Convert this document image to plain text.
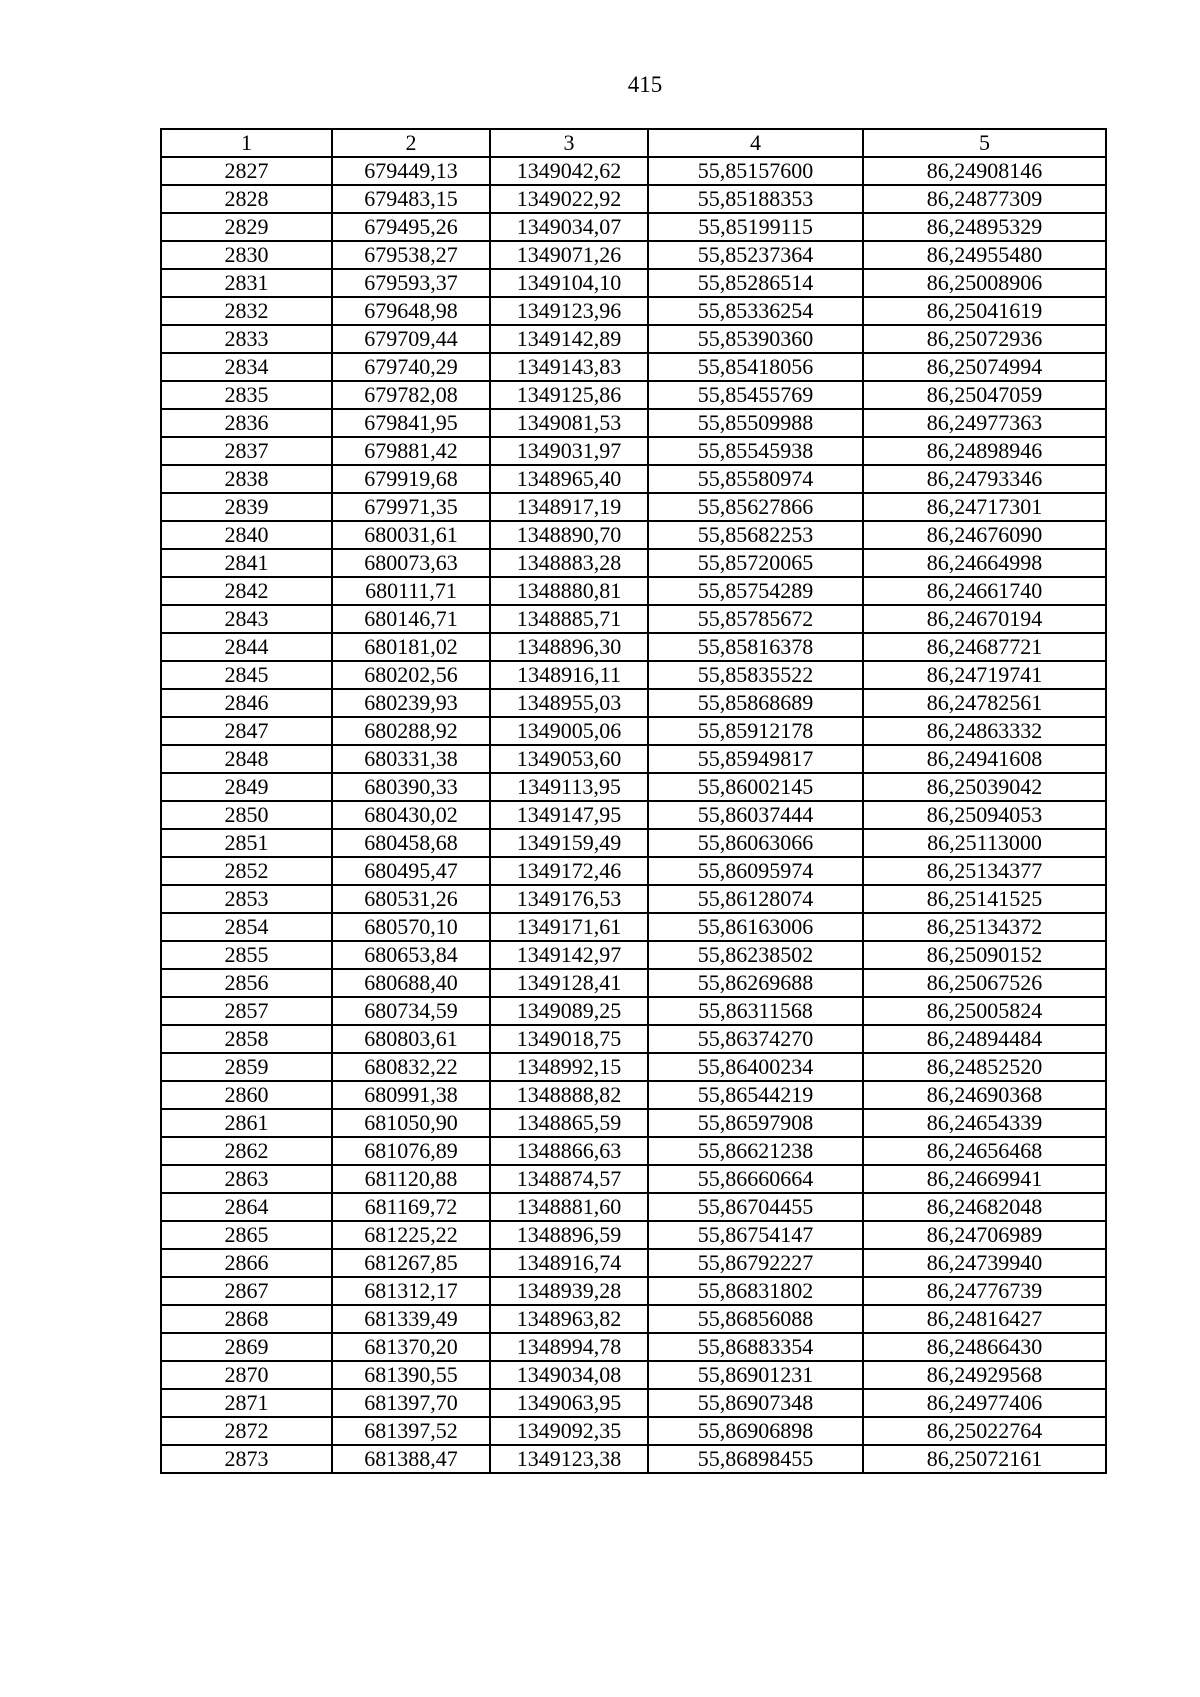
415
1	2	3	4	5
2827	679449,13	1349042,62	55,85157600	86,24908146
2828	679483,15	1349022,92	55,85188353	86,24877309
2829	679495,26	1349034,07	55,85199115	86,24895329
2830	679538,27	1349071,26	55,85237364	86,24955480
2831	679593,37	1349104,10	55,85286514	86,25008906
2832	679648,98	1349123,96	55,85336254	86,25041619
2833	679709,44	1349142,89	55,85390360	86,25072936
2834	679740,29	1349143,83	55,85418056	86,25074994
2835	679782,08	1349125,86	55,85455769	86,25047059
2836	679841,95	1349081,53	55,85509988	86,24977363
2837	679881,42	1349031,97	55,85545938	86,24898946
2838	679919,68	1348965,40	55,85580974	86,24793346
2839	679971,35	1348917,19	55,85627866	86,24717301
2840	680031,61	1348890,70	55,85682253	86,24676090
2841	680073,63	1348883,28	55,85720065	86,24664998
2842	680111,71	1348880,81	55,85754289	86,24661740
2843	680146,71	1348885,71	55,85785672	86,24670194
2844	680181,02	1348896,30	55,85816378	86,24687721
2845	680202,56	1348916,11	55,85835522	86,24719741
2846	680239,93	1348955,03	55,85868689	86,24782561
2847	680288,92	1349005,06	55,85912178	86,24863332
2848	680331,38	1349053,60	55,85949817	86,24941608
2849	680390,33	1349113,95	55,86002145	86,25039042
2850	680430,02	1349147,95	55,86037444	86,25094053
2851	680458,68	1349159,49	55,86063066	86,25113000
2852	680495,47	1349172,46	55,86095974	86,25134377
2853	680531,26	1349176,53	55,86128074	86,25141525
2854	680570,10	1349171,61	55,86163006	86,25134372
2855	680653,84	1349142,97	55,86238502	86,25090152
2856	680688,40	1349128,41	55,86269688	86,25067526
2857	680734,59	1349089,25	55,86311568	86,25005824
2858	680803,61	1349018,75	55,86374270	86,24894484
2859	680832,22	1348992,15	55,86400234	86,24852520
2860	680991,38	1348888,82	55,86544219	86,24690368
2861	681050,90	1348865,59	55,86597908	86,24654339
2862	681076,89	1348866,63	55,86621238	86,24656468
2863	681120,88	1348874,57	55,86660664	86,24669941
2864	681169,72	1348881,60	55,86704455	86,24682048
2865	681225,22	1348896,59	55,86754147	86,24706989
2866	681267,85	1348916,74	55,86792227	86,24739940
2867	681312,17	1348939,28	55,86831802	86,24776739
2868	681339,49	1348963,82	55,86856088	86,24816427
2869	681370,20	1348994,78	55,86883354	86,24866430
2870	681390,55	1349034,08	55,86901231	86,24929568
2871	681397,70	1349063,95	55,86907348	86,24977406
2872	681397,52	1349092,35	55,86906898	86,25022764
2873	681388,47	1349123,38	55,86898455	86,25072161
